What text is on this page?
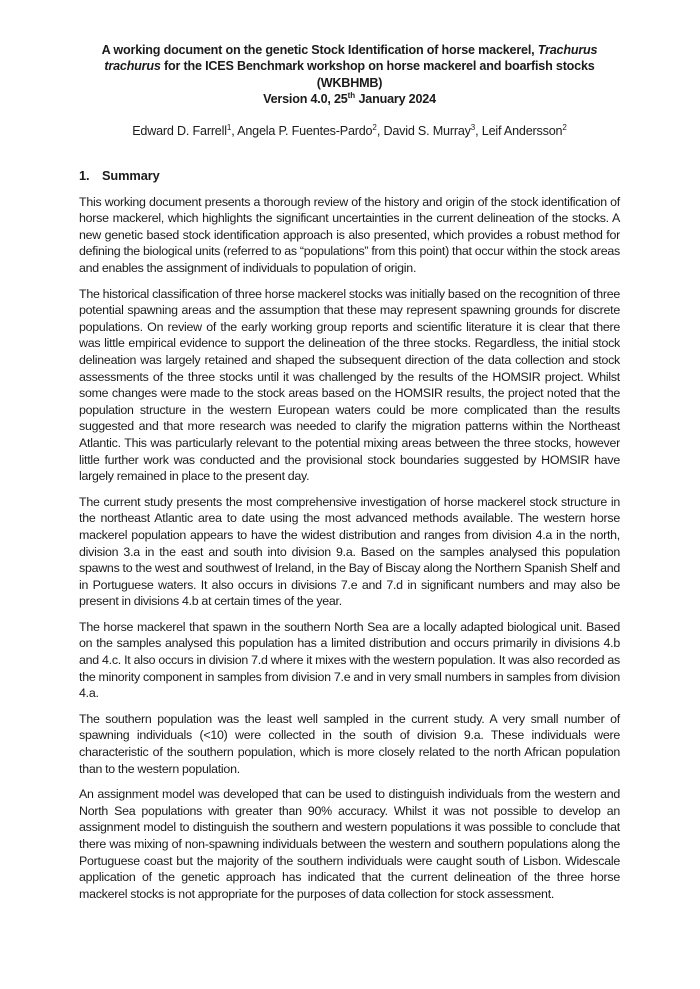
A working document on the genetic Stock Identification of horse mackerel, Trachurus
trachurus for the ICES Benchmark workshop on horse mackerel and boarfish stocks
(WKBHMB)
Version 4.0, 25th January 2024
Edward D. Farrell$^1$, Angela P. Fuentes-Pardo$^2$, David S. Murray$^3$, Leif Andersson$^2$
1. Summary

This working document presents a thorough review of the history and origin of the stock identification of horse mackerel, which highlights the significant uncertainties in the current delineation of the stocks. A new genetic based stock identification approach is also presented, which provides a robust method for defining the biological units (referred to as “populations” from this point) that occur within the stock areas and enables the assignment of individuals to population of origin.

The historical classification of three horse mackerel stocks was initially based on the recognition of three potential spawning areas and the assumption that these may represent spawning grounds for discrete populations. On review of the early working group reports and scientific literature it is clear that there was little empirical evidence to support the delineation of the three stocks. Regardless, the initial stock delineation was largely retained and shaped the subsequent direction of the data collection and stock assessments of the three stocks until it was challenged by the results of the HOMSIR project. Whilst some changes were made to the stock areas based on the HOMSIR results, the project noted that the population structure in the western European waters could be more complicated than the results suggested and that more research was needed to clarify the migration patterns within the Northeast Atlantic. This was particularly relevant to the potential mixing areas between the three stocks, however little further work was conducted and the provisional stock boundaries suggested by HOMSIR have largely remained in place to the present day.

The current study presents the most comprehensive investigation of horse mackerel stock structure in the northeast Atlantic area to date using the most advanced methods available. The western horse mackerel population appears to have the widest distribution and ranges from division 4.a in the north, division 3.a in the east and south into division 9.a. Based on the samples analysed this population spawns to the west and southwest of Ireland, in the Bay of Biscay along the Northern Spanish Shelf and in Portuguese waters. It also occurs in divisions 7.e and 7.d in significant numbers and may also be present in divisions 4.b at certain times of the year.

The horse mackerel that spawn in the southern North Sea are a locally adapted biological unit. Based on the samples analysed this population has a limited distribution and occurs primarily in divisions 4.b and 4.c. It also occurs in division 7.d where it mixes with the western population. It was also recorded as the minority component in samples from division 7.e and in very small numbers in samples from division 4.a.

The southern population was the least well sampled in the current study. A very small number of spawning individuals (<10) were collected in the south of division 9.a. These individuals were characteristic of the southern population, which is more closely related to the north African population than to the western population.

An assignment model was developed that can be used to distinguish individuals from the western and North Sea populations with greater than 90% accuracy. Whilst it was not possible to develop an assignment model to distinguish the southern and western populations it was possible to conclude that there was mixing of non-spawning individuals between the western and southern populations along the Portuguese coast but the majority of the southern individuals were caught south of Lisbon. Widescale application of the genetic approach has indicated that the current delineation of the three horse mackerel stocks is not appropriate for the purposes of data collection for stock assessment.
